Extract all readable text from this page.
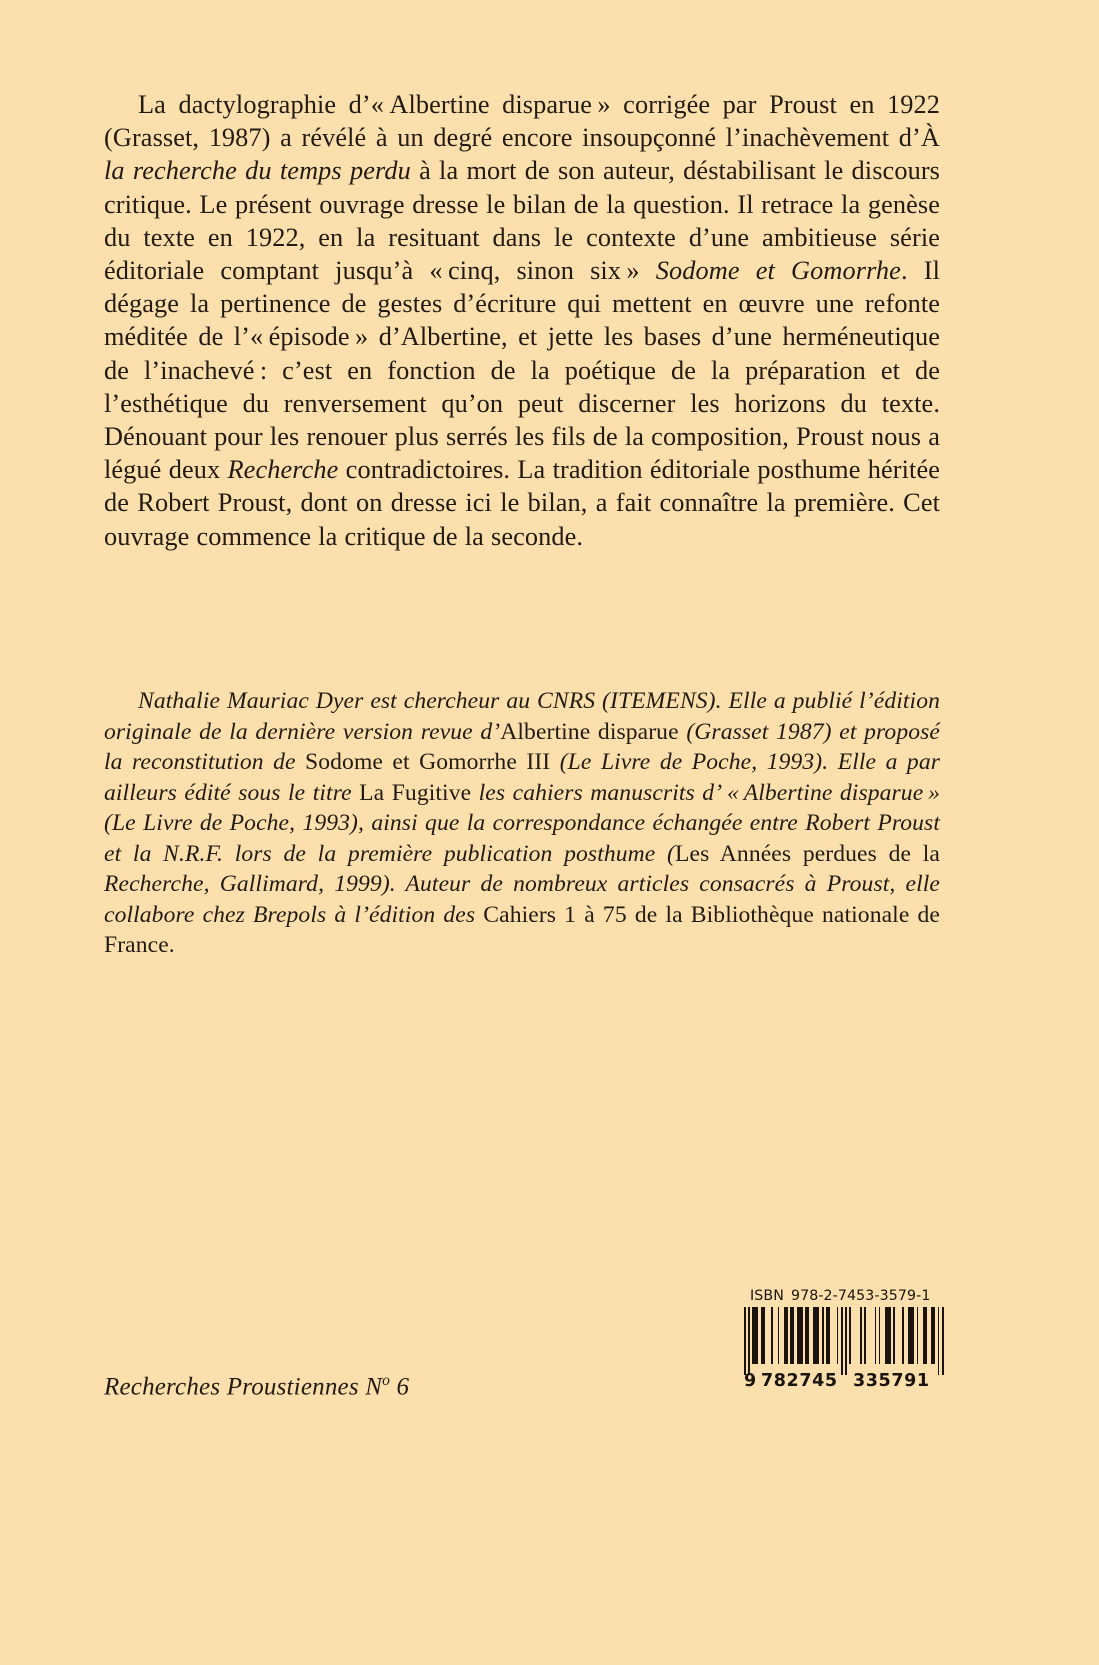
La dactylographie d’« Albertine disparue » corrigée par Proust en 1922 (Grasset, 1987) a révélé à un degré encore insoupçonné l’inachèvement d’À la recherche du temps perdu à la mort de son auteur, déstabilisant le discours critique. Le présent ouvrage dresse le bilan de la question. Il retrace la genèse du texte en 1922, en la resituant dans le contexte d’une ambitieuse série éditoriale comptant jusqu’à « cinq, sinon six » Sodome et Gomorrhe. Il dégage la pertinence de gestes d’écriture qui mettent en œuvre une refonte méditée de l’« épisode » d’Albertine, et jette les bases d’une herméneutique de l’inachevé : c’est en fonction de la poétique de la préparation et de l’esthétique du renversement qu’on peut discerner les horizons du texte. Dénouant pour les renouer plus serrés les fils de la composition, Proust nous a légué deux Recherche contradictoires. La tradition éditoriale posthume héritée de Robert Proust, dont on dresse ici le bilan, a fait connaître la première. Cet ouvrage commence la critique de la seconde.
Nathalie Mauriac Dyer est chercheur au CNRS (ITEMENS). Elle a publié l’édition originale de la dernière version revue d’Albertine disparue (Grasset 1987) et proposé la reconstitution de Sodome et Gomorrhe III (Le Livre de Poche, 1993). Elle a par ailleurs édité sous le titre La Fugitive les cahiers manuscrits d’ « Albertine disparue » (Le Livre de Poche, 1993), ainsi que la correspondance échangée entre Robert Proust et la N.R.F. lors de la première publication posthume (Les Années perdues de la Recherche, Gallimard, 1999). Auteur de nombreux articles consacrés à Proust, elle collabore chez Brepols à l’édition des Cahiers 1 à 75 de la Bibliothèque nationale de France.
Recherches Proustiennes $N^o$ 6
ISBN 978-2-7453-3579-1
9 782745 335791
